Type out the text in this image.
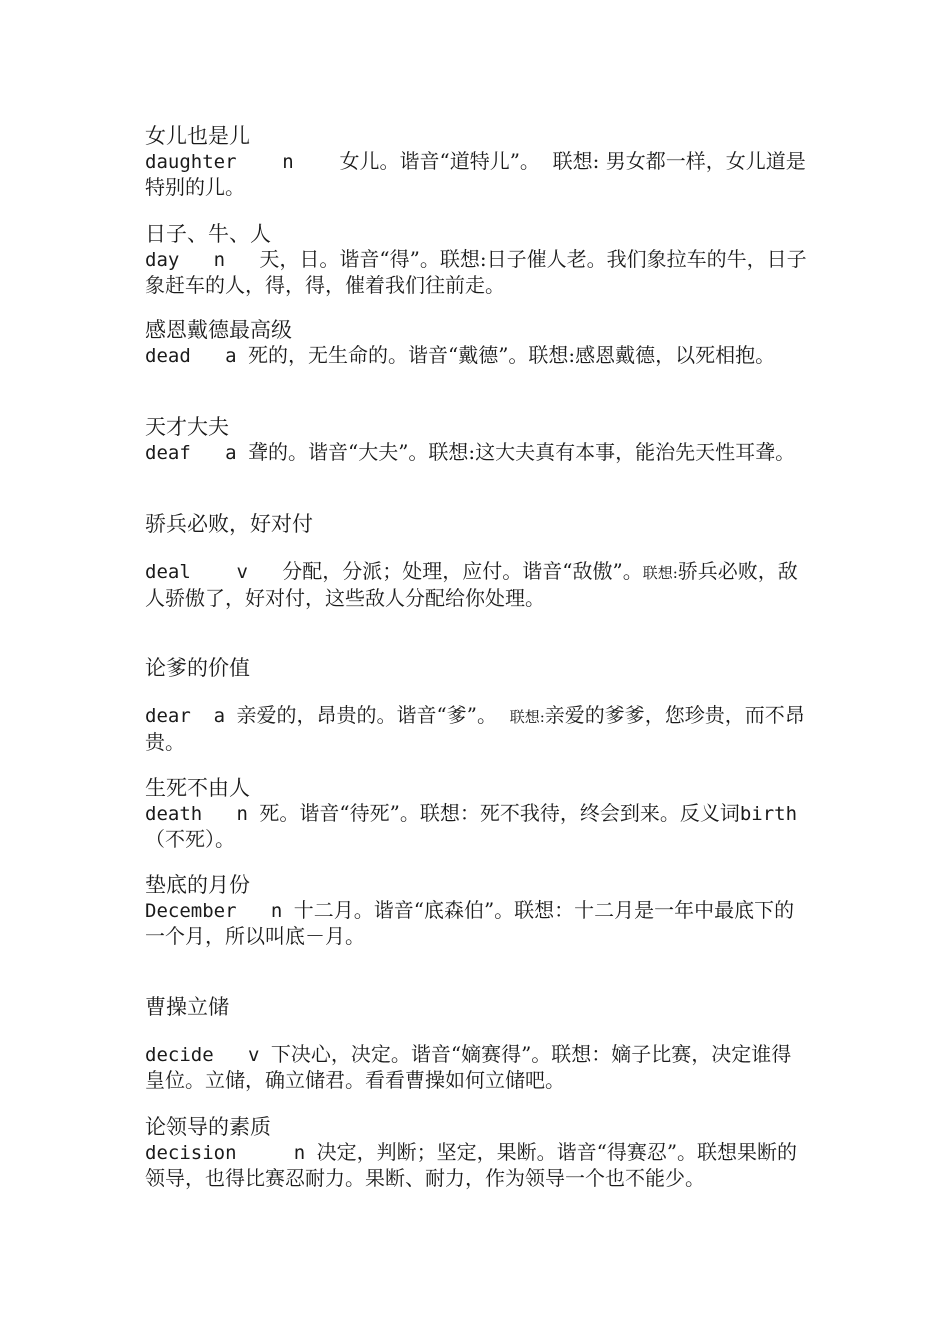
女儿也是儿
daughter    n    女儿。谐音“道特儿”。  联想: 男女都一样，女儿道是特别的儿。
日子、牛、人
day   n   天，日。谐音“得”。联想:日子催人老。我们象拉车的牛，日子象赶车的人，得，得，催着我们往前走。
感恩戴德最高级
dead   a 死的，无生命的。谐音“戴德”。联想:感恩戴德，以死相抱。
天才大夫
deaf   a 聋的。谐音“大夫”。联想:这大夫真有本事，能治先天性耳聋。
骄兵必败，好对付
deal    v   分配，分派；处理，应付。谐音“敌傲”。联想:骄兵必败，敌人骄傲了，好对付，这些敌人分配给你处理。
论爹的价值
dear  a 亲爱的，昂贵的。谐音“爹”。  联想:亲爱的爹爹，您珍贵，而不昂贵。
生死不由人
death   n 死。谐音“待死”。联想：死不我待，终会到来。反义词birth（不死）。
垫底的月份
December   n 十二月。谐音“底森伯”。联想：十二月是一年中最底下的一个月，所以叫底－月。
曹操立储
decide   v 下决心，决定。谐音“嫡赛得”。联想：嫡子比赛，决定谁得皇位。立储，确立储君。看看曹操如何立储吧。
论领导的素质
decision     n 决定，判断；坚定，果断。谐音“得赛忍”。联想果断的领导，也得比赛忍耐力。果断、耐力，作为领导一个也不能少。
